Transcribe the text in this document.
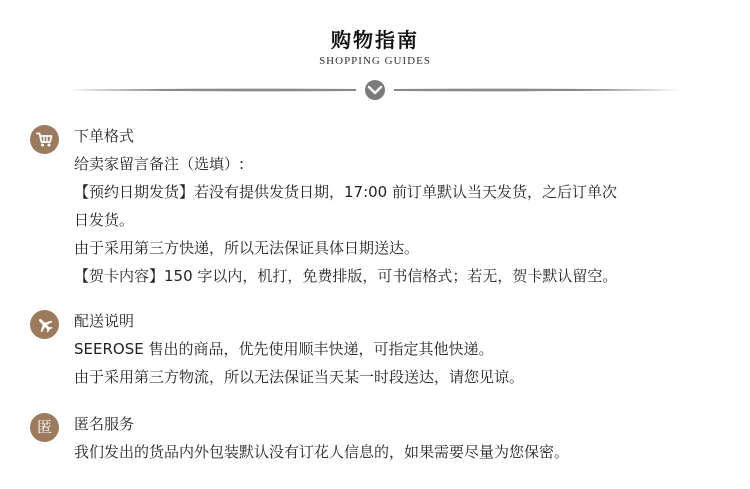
购物指南
SHOPPING GUIDES
下单格式
给卖家留言备注（选填）:
【预约日期发货】若没有提供发货日期，17:00 前订单默认当天发货，之后订单次
日发货。
由于采用第三方快递，所以无法保证具体日期送达。
【贺卡内容】150 字以内，机打，免费排版，可书信格式；若无，贺卡默认留空。
配送说明
SEEROSE 售出的商品，优先使用顺丰快递，可指定其他快递。
由于采用第三方物流，所以无法保证当天某一时段送达，请您见谅。
匿 匿名服务
我们发出的货品内外包装默认没有订花人信息的，如果需要尽量为您保密。
